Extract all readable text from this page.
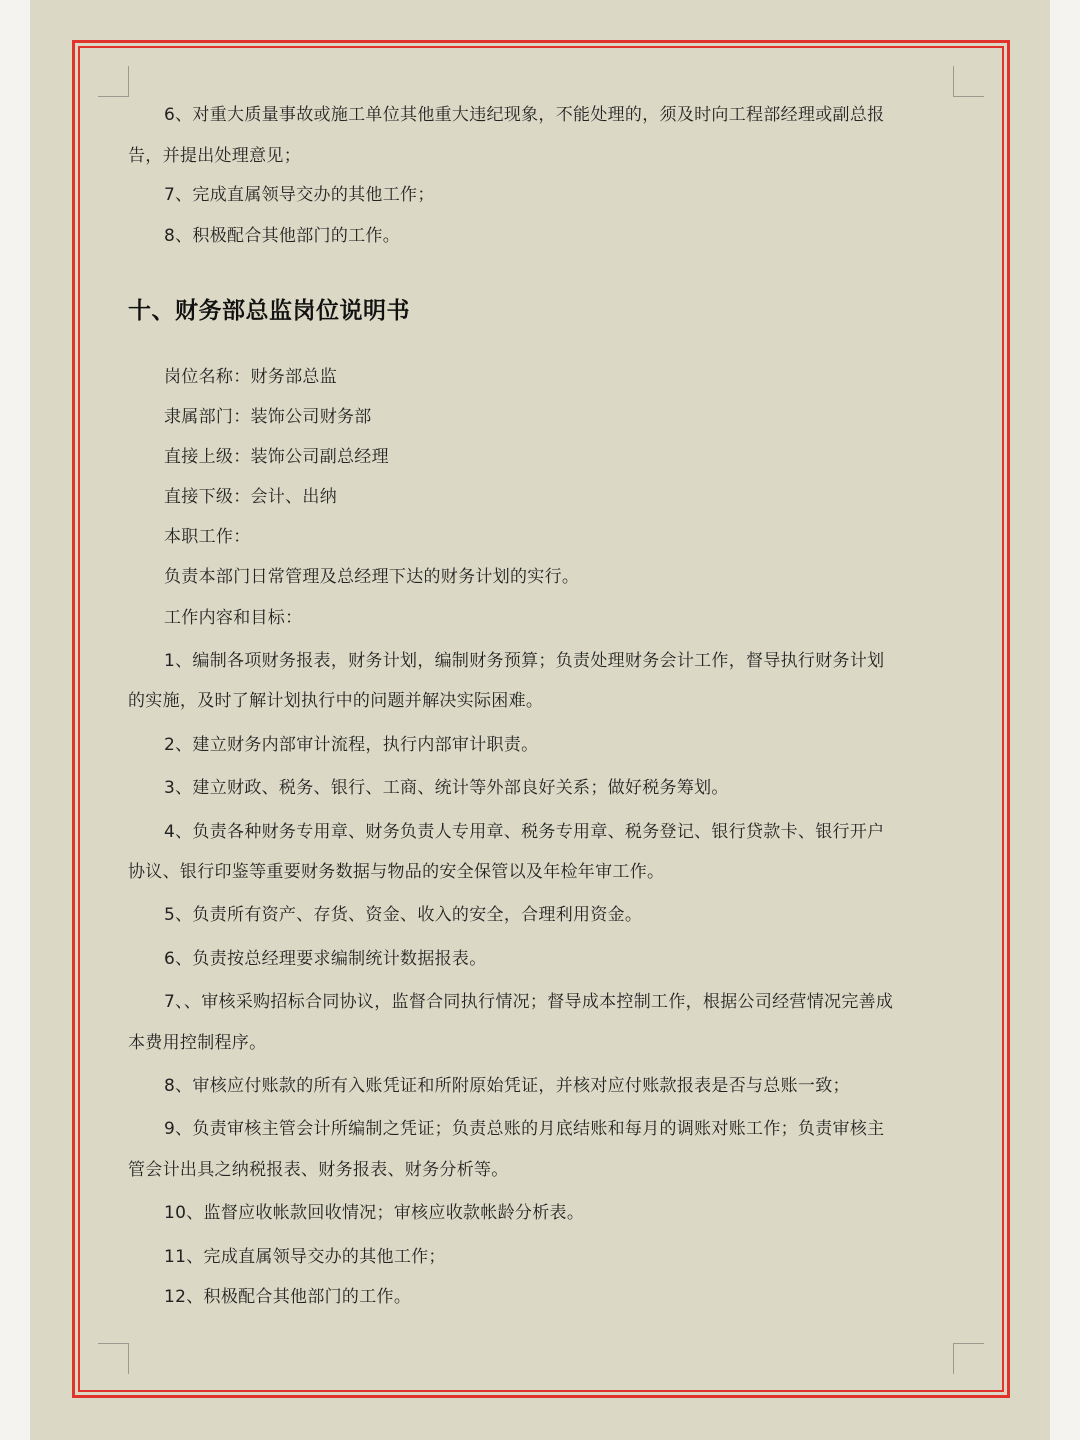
6、对重大质量事故或施工单位其他重大违纪现象，不能处理的，须及时向工程部经理或副总报
告，并提出处理意见；
7、完成直属领导交办的其他工作；
8、积极配合其他部门的工作。
十、财务部总监岗位说明书
岗位名称：财务部总监
隶属部门：装饰公司财务部
直接上级：装饰公司副总经理
直接下级：会计、出纳
本职工作：
负责本部门日常管理及总经理下达的财务计划的实行。
工作内容和目标：
1、编制各项财务报表，财务计划，编制财务预算；负责处理财务会计工作，督导执行财务计划
的实施，及时了解计划执行中的问题并解决实际困难。
2、建立财务内部审计流程，执行内部审计职责。
3、建立财政、税务、银行、工商、统计等外部良好关系；做好税务筹划。
4、负责各种财务专用章、财务负责人专用章、税务专用章、税务登记、银行贷款卡、银行开户
协议、银行印鉴等重要财务数据与物品的安全保管以及年检年审工作。
5、负责所有资产、存货、资金、收入的安全，合理利用资金。
6、负责按总经理要求编制统计数据报表。
7、、审核采购招标合同协议，监督合同执行情况；督导成本控制工作，根据公司经营情况完善成
本费用控制程序。
8、审核应付账款的所有入账凭证和所附原始凭证，并核对应付账款报表是否与总账一致；
9、负责审核主管会计所编制之凭证；负责总账的月底结账和每月的调账对账工作；负责审核主
管会计出具之纳税报表、财务报表、财务分析等。
10、监督应收帐款回收情况；审核应收款帐龄分析表。
11、完成直属领导交办的其他工作；
12、积极配合其他部门的工作。
